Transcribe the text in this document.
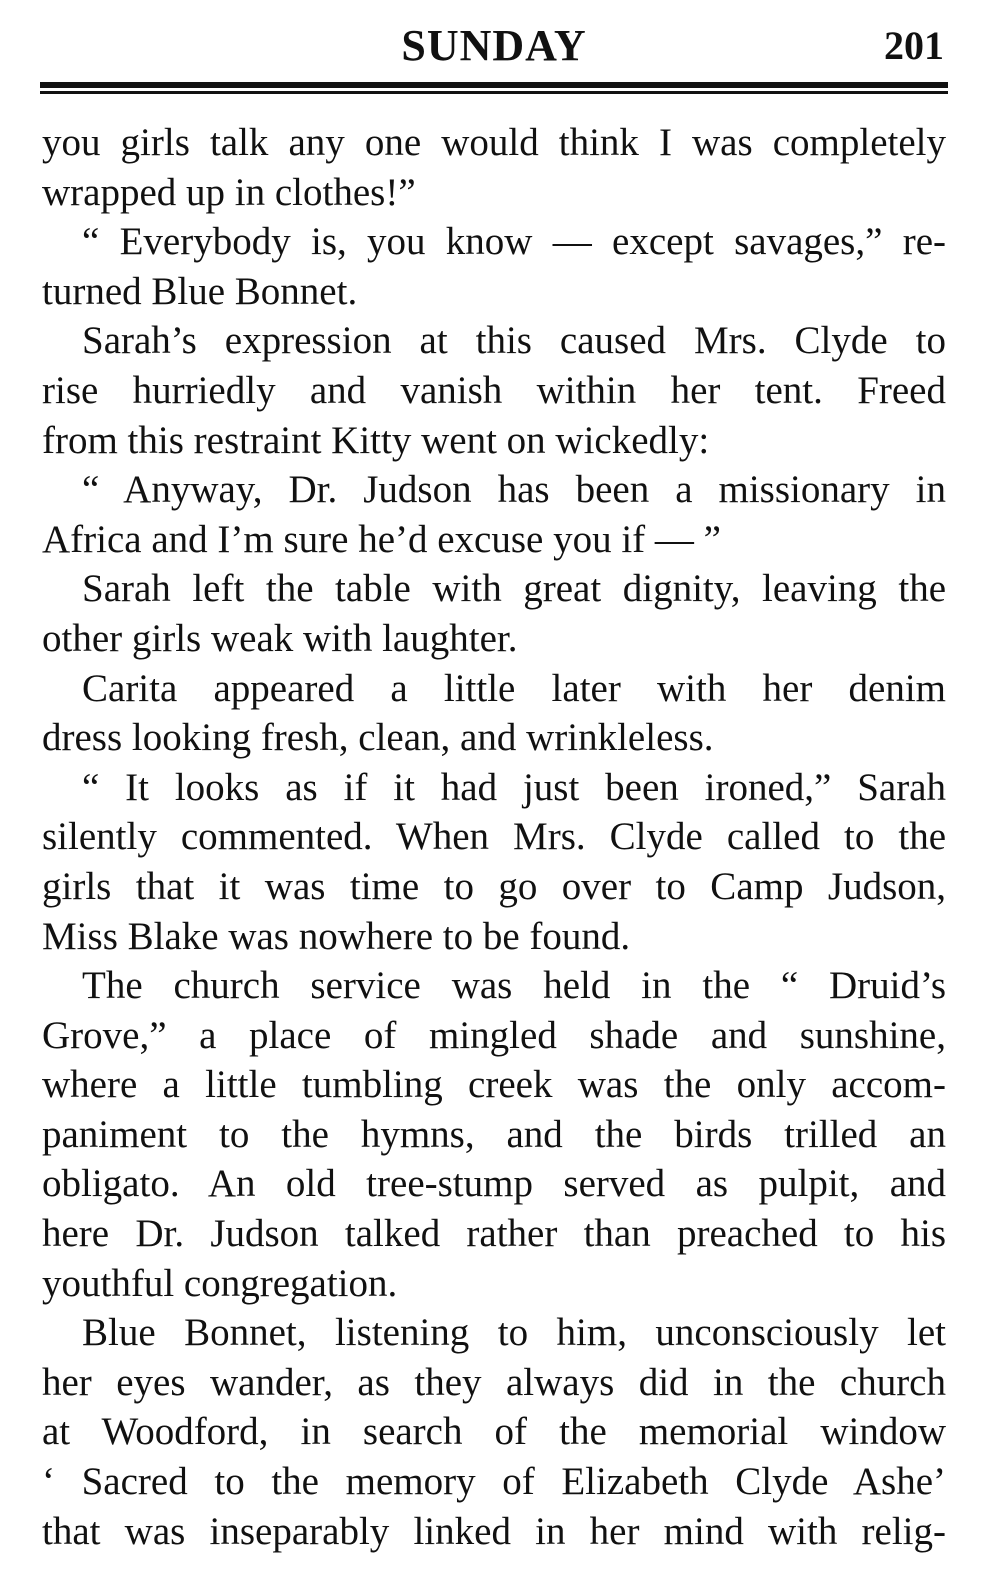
SUNDAY	201
you girls talk any one would think I was completely
wrapped up in clothes!”
“ Everybody is, you know — except savages,” re-
turned Blue Bonnet.
Sarah’s expression at this caused Mrs. Clyde to
rise hurriedly and vanish within her tent. Freed
from this restraint Kitty went on wickedly:
“ Anyway, Dr. Judson has been a missionary in
Africa and I’m sure he’d excuse you if — ”
Sarah left the table with great dignity, leaving the
other girls weak with laughter.
Carita appeared a little later with her denim
dress looking fresh, clean, and wrinkleless.
“ It looks as if it had just been ironed,” Sarah
silently commented. When Mrs. Clyde called to the
girls that it was time to go over to Camp Judson,
Miss Blake was nowhere to be found.
The church service was held in the “ Druid’s
Grove,” a place of mingled shade and sunshine,
where a little tumbling creek was the only accom-
paniment to the hymns, and the birds trilled an
obligato. An old tree-stump served as pulpit, and
here Dr. Judson talked rather than preached to his
youthful congregation.
Blue Bonnet, listening to him, unconsciously let
her eyes wander, as they always did in the church
at Woodford, in search of the memorial window
‘ Sacred to the memory of Elizabeth Clyde Ashe’
that was inseparably linked in her mind with relig-
